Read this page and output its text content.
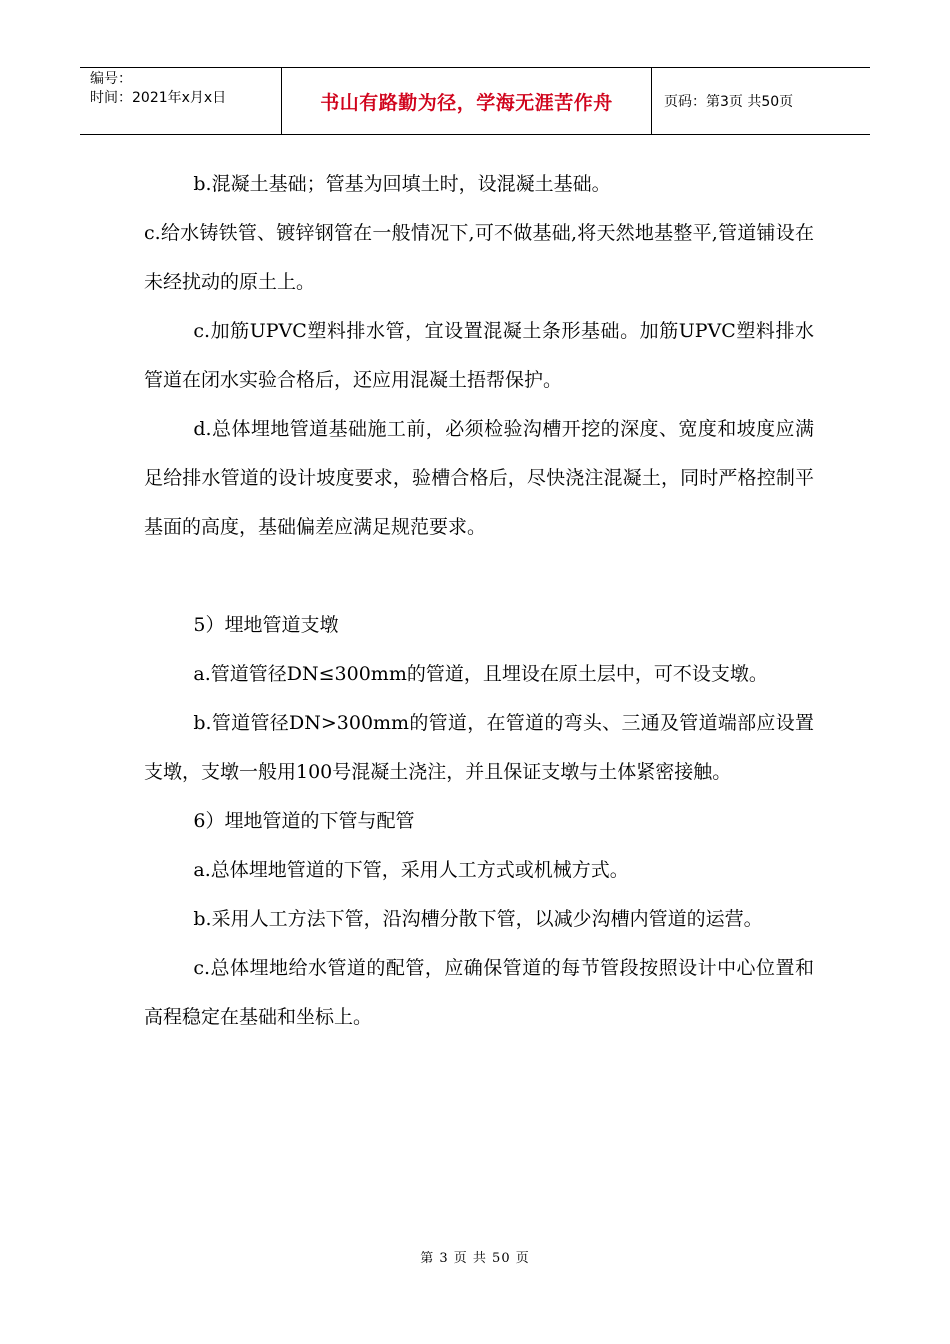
编号：
时间：2021年x月x日	书山有路勤为径，学海无涯苦作舟	页码：第3页 共50页

b.混凝土基础；管基为回填土时，设混凝土基础。

c.给水铸铁管、镀锌钢管在一般情况下,可不做基础,将天然地基整平,管道铺设在未经扰动的原土上。

c.加筋UPVC塑料排水管，宜设置混凝土条形基础。加筋UPVC塑料排水管道在闭水实验合格后，还应用混凝土捂帮保护。

d.总体埋地管道基础施工前，必须检验沟槽开挖的深度、宽度和坡度应满足给排水管道的设计坡度要求，验槽合格后，尽快浇注混凝土，同时严格控制平基面的高度，基础偏差应满足规范要求。

5）埋地管道支墩

a.管道管径DN≤300mm的管道，且埋设在原土层中，可不设支墩。

b.管道管径DN>300mm的管道，在管道的弯头、三通及管道端部应设置支墩，支墩一般用100号混凝土浇注，并且保证支墩与土体紧密接触。

6）埋地管道的下管与配管

a.总体埋地管道的下管，采用人工方式或机械方式。

b.采用人工方法下管，沿沟槽分散下管，以减少沟槽内管道的运营。

c.总体埋地给水管道的配管，应确保管道的每节管段按照设计中心位置和高程稳定在基础和坐标上。

第 3 页 共 50 页
